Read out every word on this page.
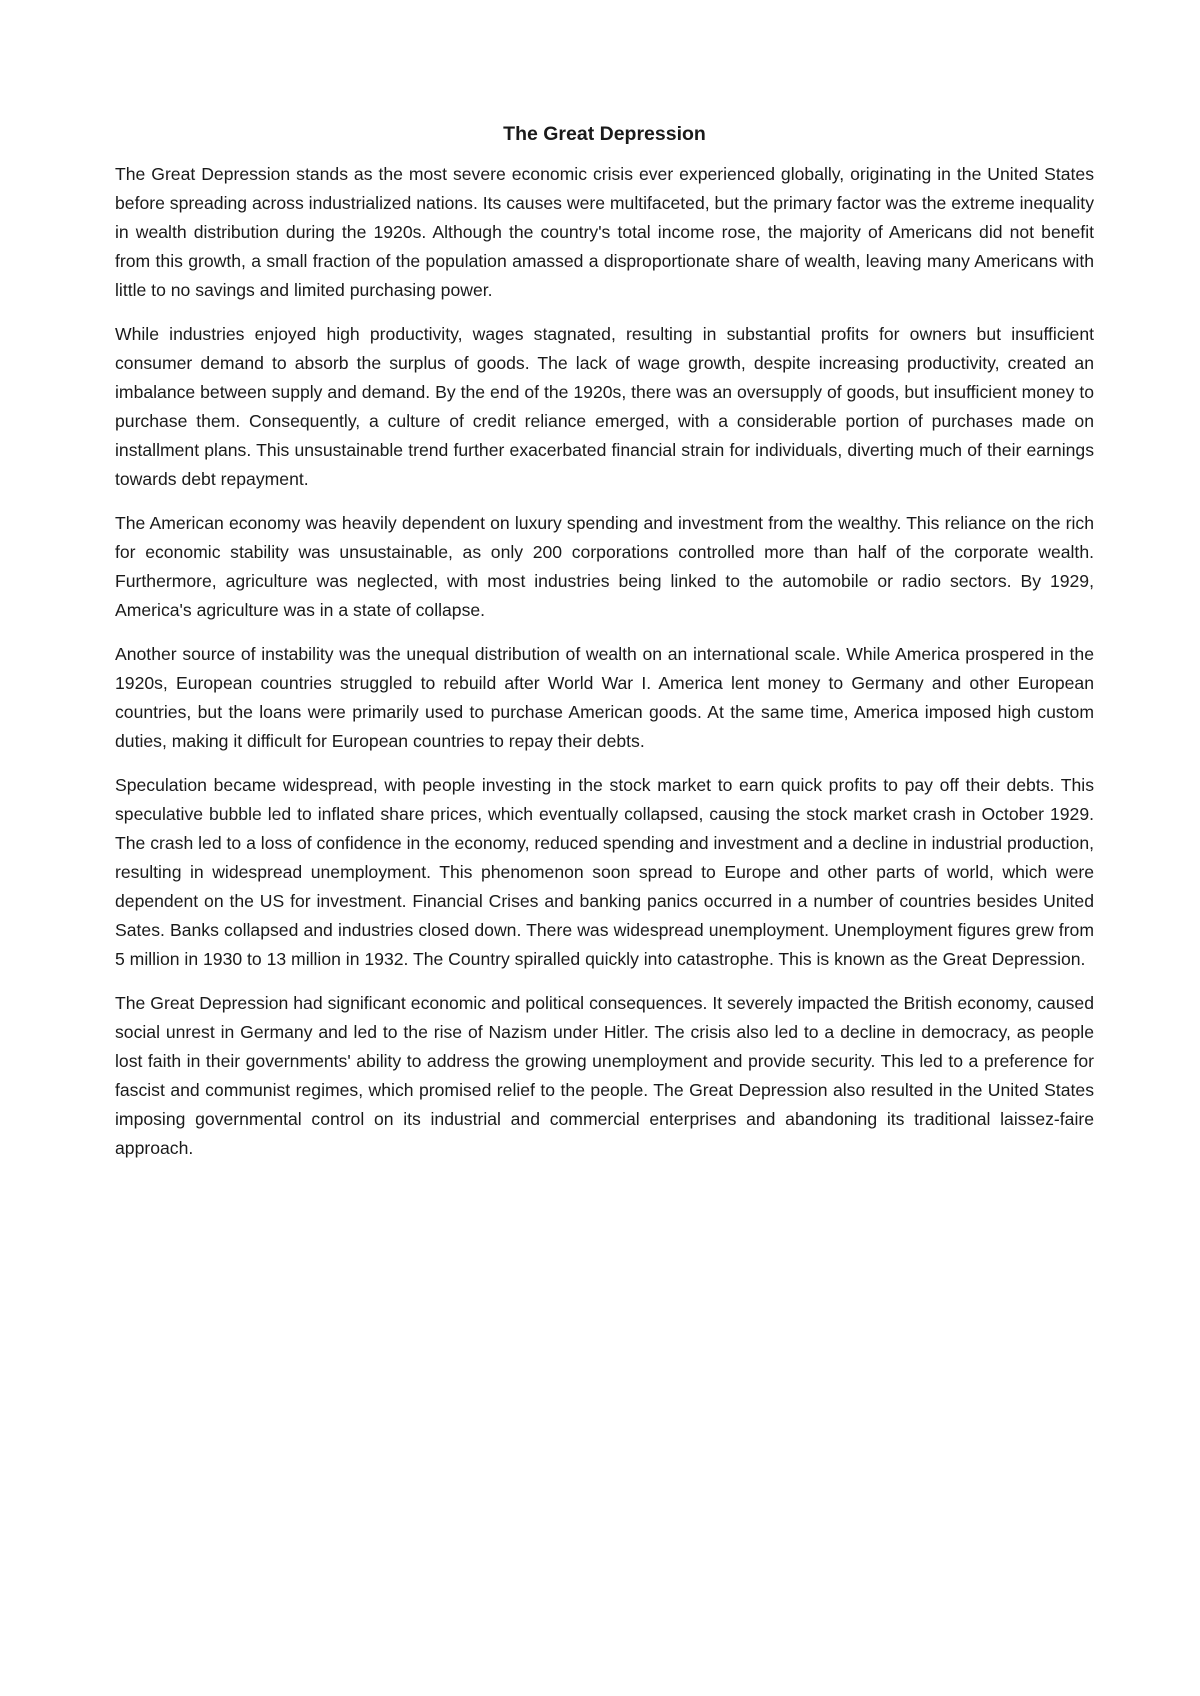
The Great Depression

The Great Depression stands as the most severe economic crisis ever experienced globally, originating in the United States before spreading across industrialized nations. Its causes were multifaceted, but the primary factor was the extreme inequality in wealth distribution during the 1920s. Although the country's total income rose, the majority of Americans did not benefit from this growth, a small fraction of the population amassed a disproportionate share of wealth, leaving many Americans with little to no savings and limited purchasing power.

While industries enjoyed high productivity, wages stagnated, resulting in substantial profits for owners but insufficient consumer demand to absorb the surplus of goods. The lack of wage growth, despite increasing productivity, created an imbalance between supply and demand. By the end of the 1920s, there was an oversupply of goods, but insufficient money to purchase them. Consequently, a culture of credit reliance emerged, with a considerable portion of purchases made on installment plans. This unsustainable trend further exacerbated financial strain for individuals, diverting much of their earnings towards debt repayment.

The American economy was heavily dependent on luxury spending and investment from the wealthy. This reliance on the rich for economic stability was unsustainable, as only 200 corporations controlled more than half of the corporate wealth. Furthermore, agriculture was neglected, with most industries being linked to the automobile or radio sectors. By 1929, America's agriculture was in a state of collapse.

Another source of instability was the unequal distribution of wealth on an international scale. While America prospered in the 1920s, European countries struggled to rebuild after World War I. America lent money to Germany and other European countries, but the loans were primarily used to purchase American goods. At the same time, America imposed high custom duties, making it difficult for European countries to repay their debts.

Speculation became widespread, with people investing in the stock market to earn quick profits to pay off their debts. This speculative bubble led to inflated share prices, which eventually collapsed, causing the stock market crash in October 1929. The crash led to a loss of confidence in the economy, reduced spending and investment and a decline in industrial production, resulting in widespread unemployment. This phenomenon soon spread to Europe and other parts of world, which were dependent on the US for investment. Financial Crises and banking panics occurred in a number of countries besides United Sates. Banks collapsed and industries closed down. There was widespread unemployment. Unemployment figures grew from 5 million in 1930 to 13 million in 1932. The Country spiralled quickly into catastrophe. This is known as the Great Depression.

The Great Depression had significant economic and political consequences. It severely impacted the British economy, caused social unrest in Germany and led to the rise of Nazism under Hitler. The crisis also led to a decline in democracy, as people lost faith in their governments' ability to address the growing unemployment and provide security. This led to a preference for fascist and communist regimes, which promised relief to the people. The Great Depression also resulted in the United States imposing governmental control on its industrial and commercial enterprises and abandoning its traditional laissez-faire approach.
